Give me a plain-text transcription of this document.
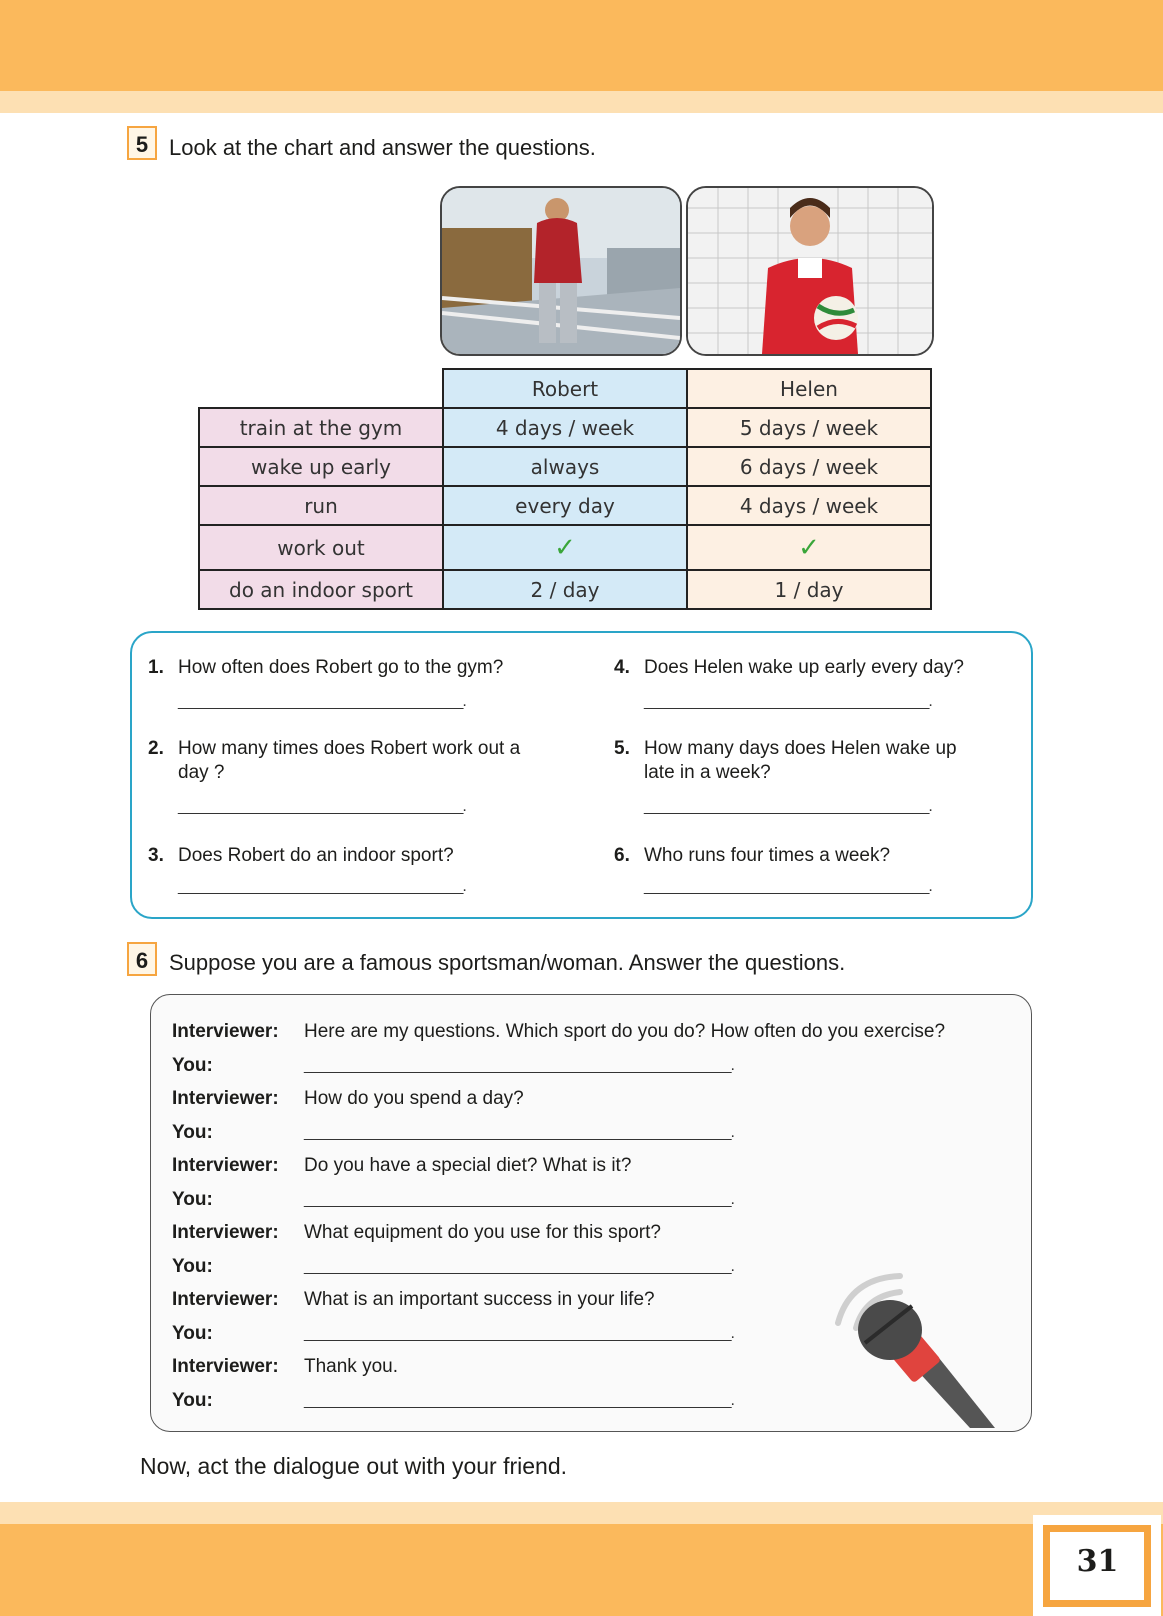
5 Look at the chart and answer the questions.
	Robert	Helen
train at the gym	4 days / week	5 days / week
wake up early	always	6 days / week
run	every day	4 days / week
work out	✓	✓
do an indoor sport	2 / day	1 / day
1. How often does Robert go to the gym?
____________________________________.
2. How many times does Robert work out a day ?
____________________________________.
3. Does Robert do an indoor sport?
____________________________________.
4. Does Helen wake up early every day?
____________________________________.
5. How many days does Helen wake up late in a week?
____________________________________.
6. Who runs four times a week?
____________________________________.
6 Suppose you are a famous sportsman/woman. Answer the questions.
Interviewer:	Here are my questions. Which sport do you do? How often do you exercise?
You:	______________________________________________________.
Interviewer:	How do you spend a day?
You:	______________________________________________________.
Interviewer:	Do you have a special diet? What is it?
You:	______________________________________________________.
Interviewer:	What equipment do you use for this sport?
You:	______________________________________________________.
Interviewer:	What is an important success in your life?
You:	______________________________________________________.
Interviewer:	Thank you.
You:	______________________________________________________.
Now, act the dialogue out with your friend.
31
